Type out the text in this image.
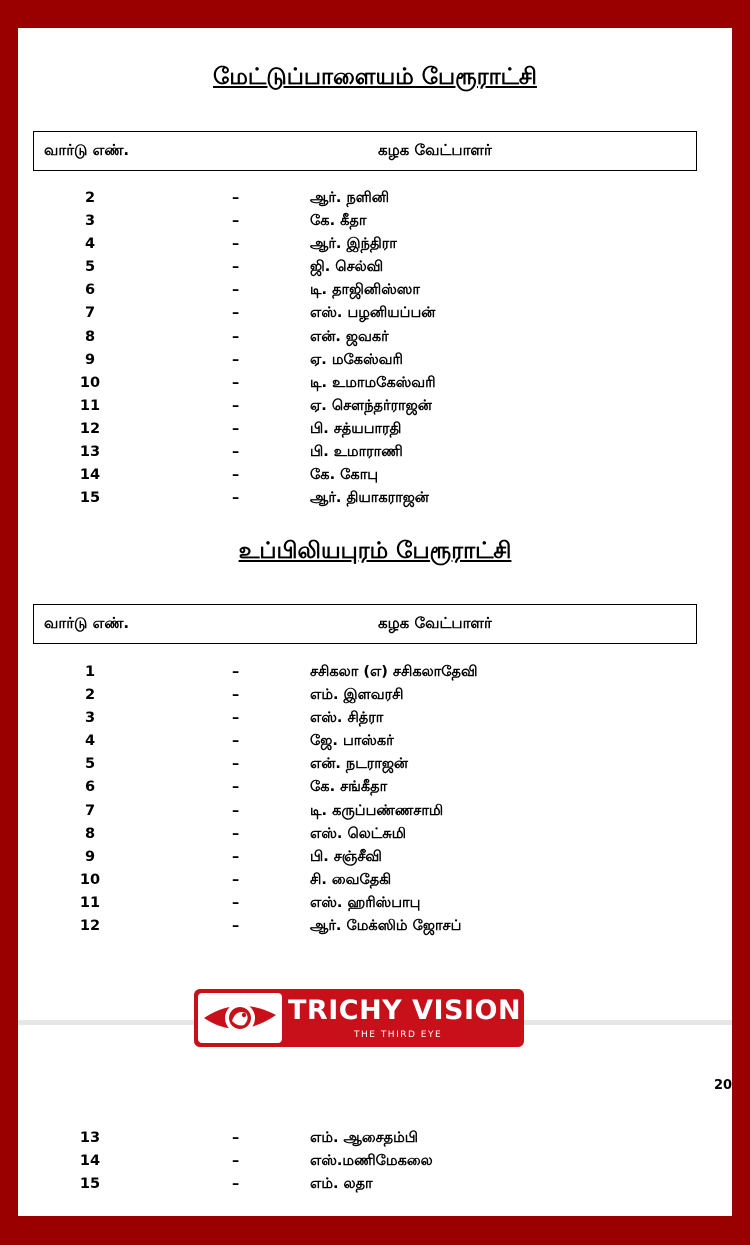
மேட்டுப்பாளையம் பேரூராட்சி
வார்டு எண்.	கழக வேட்பாளர்
2	–	ஆர். நளினி
3	–	கே. கீதா
4	–	ஆர். இந்திரா
5	–	ஜி. செல்வி
6	–	டி. தாஜினிஸ்ஸா
7	–	எஸ். பழனியப்பன்
8	–	என். ஜவகர்
9	–	ஏ. மகேஸ்வரி
10	–	டி. உமாமகேஸ்வரி
11	–	ஏ. சௌந்தர்ராஜன்
12	–	பி. சத்யபாரதி
13	–	பி. உமாராணி
14	–	கே. கோபு
15	–	ஆர். தியாகராஜன்
உப்பிலியபுரம் பேரூராட்சி
வார்டு எண்.	கழக வேட்பாளர்
1	–	சசிகலா (எ) சசிகலாதேவி
2	–	எம். இளவரசி
3	–	எஸ். சித்ரா
4	–	ஜே. பாஸ்கர்
5	–	என். நடராஜன்
6	–	கே. சங்கீதா
7	–	டி. கருப்பண்ணசாமி
8	–	எஸ். லெட்சுமி
9	–	பி. சஞ்சீவி
10	–	சி. வைதேகி
11	–	எஸ். ஹரிஸ்பாபு
12	–	ஆர். மேக்ஸிம் ஜோசப்
TRICHY VISION
THE THIRD EYE
20
13	–	எம். ஆசைதம்பி
14	–	எஸ்.மணிமேகலை
15	–	எம். லதா
